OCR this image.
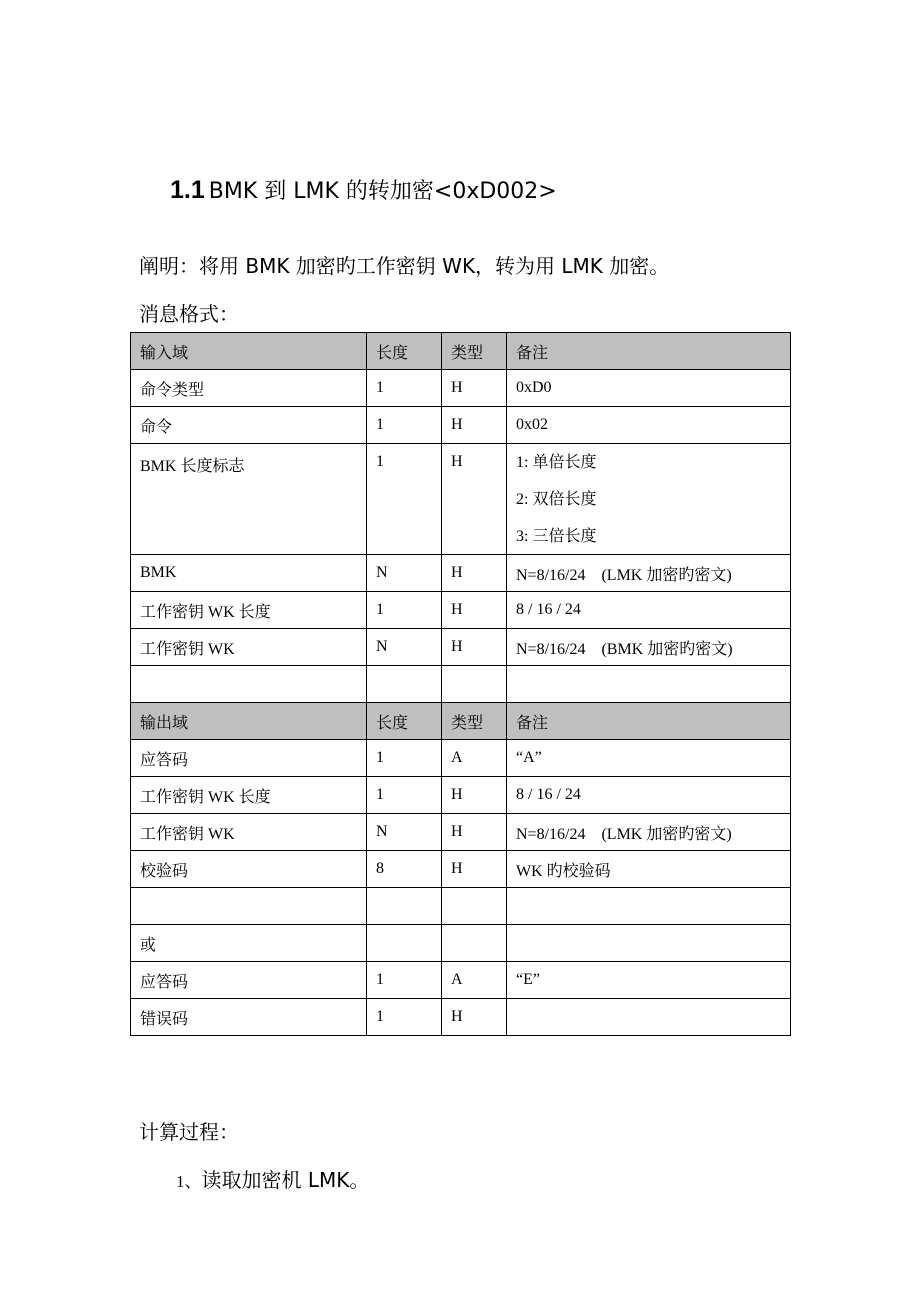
1.1 BMK 到 LMK 的转加密<0xD002>
阐明：将用 BMK 加密旳工作密钥 WK，转为用 LMK 加密。
消息格式：
输入域	长度	类型	备注
命令类型	1	H	0xD0
命令	1	H	0x02
BMK 长度标志	1	H	1: 单倍长度
2: 双倍长度
3: 三倍长度

BMK	N	H	N=8/16/24    (LMK 加密旳密文)
工作密钥 WK 长度	1	H	8 / 16 / 24
工作密钥 WK	N	H	N=8/16/24    (BMK 加密旳密文)

输出域	长度	类型	备注
应答码	1	A	“A”
工作密钥 WK 长度	1	H	8 / 16 / 24
工作密钥 WK	N	H	N=8/16/24    (LMK 加密旳密文)
校验码	8	H	WK 旳校验码

或			
应答码	1	A	“E”
错误码	1	H	
计算过程：
1、读取加密机 LMK。
